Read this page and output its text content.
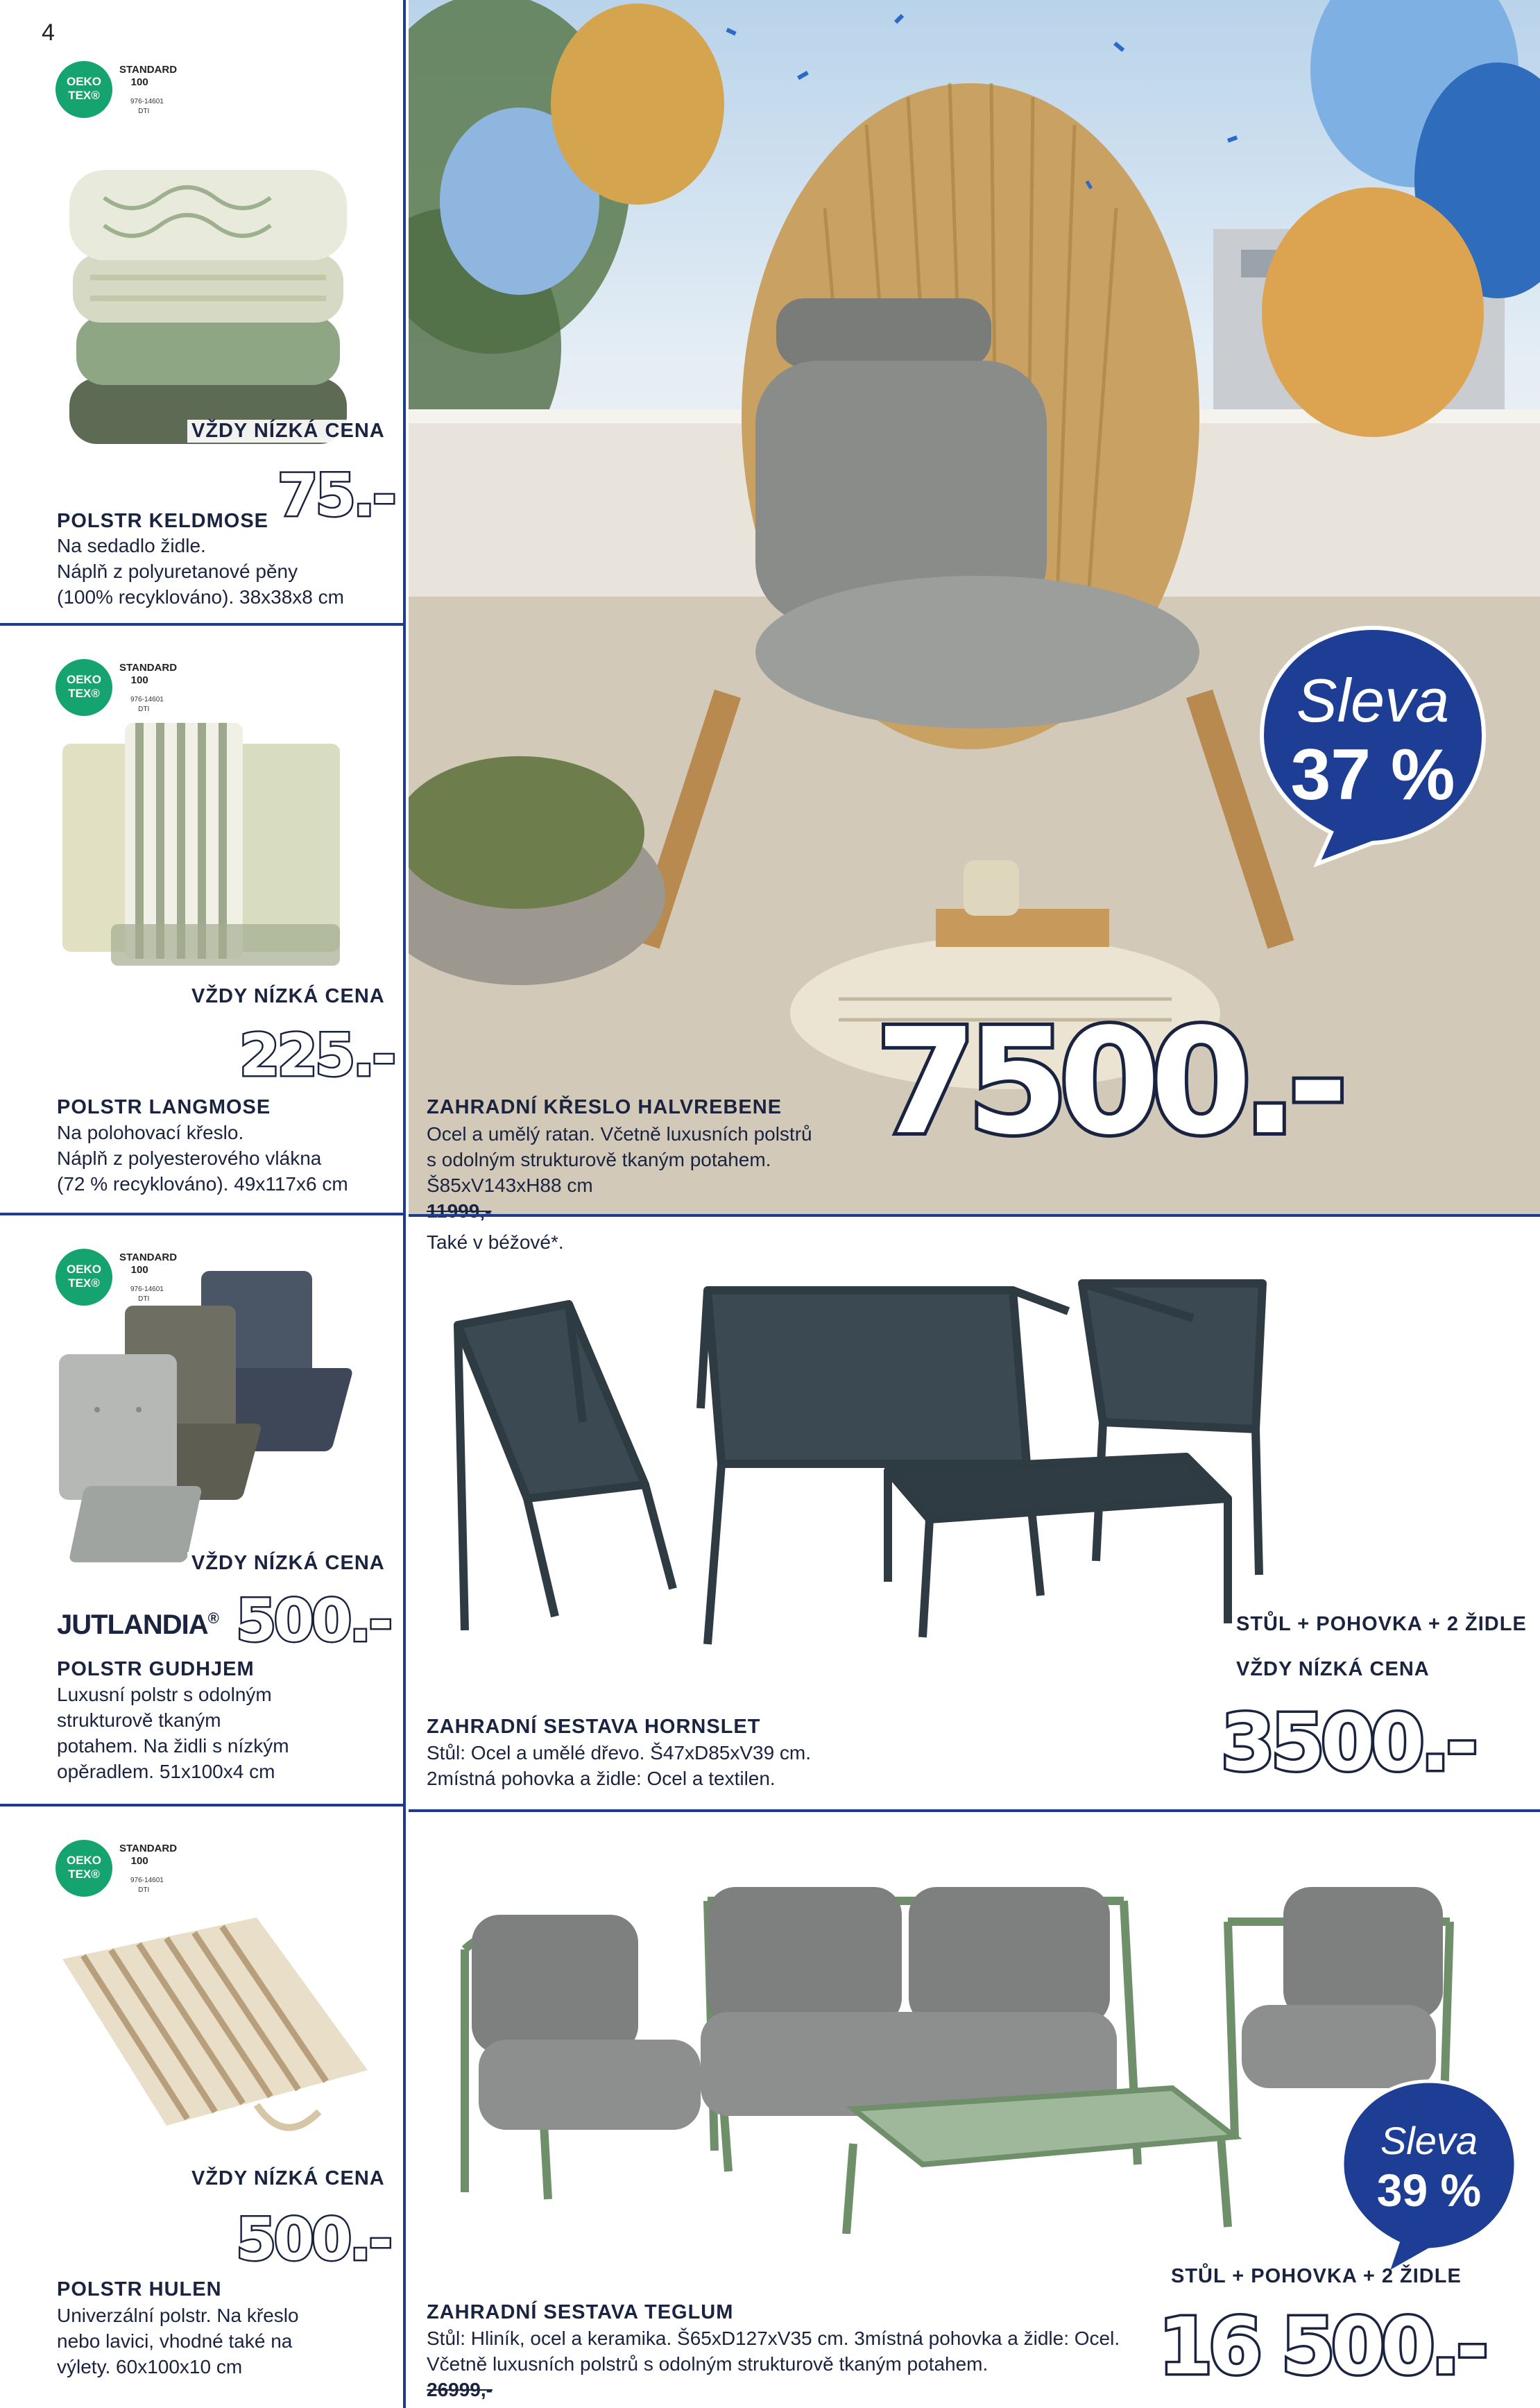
4
OEKO
TEX®
STANDARD
100
976-14601
DTI
VŽDY NÍZKÁ CENA
75.-
POLSTR KELDMOSE
Na sedadlo židle.
Náplň z polyuretanové pěny
(100% recyklováno). 38x38x8 cm
OEKO
TEX®
STANDARD
100
976-14601
DTI
VŽDY NÍZKÁ CENA
225.-
POLSTR LANGMOSE
Na polohovací křeslo.
Náplň z polyesterového vlákna
(72 % recyklováno). 49x117x6 cm
OEKO
TEX®
STANDARD
100
976-14601
DTI
VŽDY NÍZKÁ CENA
JUTLANDIA® 500.-
POLSTR GUDHJEM
Luxusní polstr s odolným
strukturově tkaným
potahem. Na židli s nízkým
opěradlem. 51x100x4 cm
OEKO
TEX®
STANDARD
100
976-14601
DTI
VŽDY NÍZKÁ CENA
500.-
POLSTR HULEN
Univerzální polstr. Na křeslo
nebo lavici, vhodné také na
výlety. 60x100x10 cm
Sleva
37 %
7500.-
ZAHRADNÍ KŘESLO HALVREBENE
Ocel a umělý ratan. Včetně luxusních polstrů
s odolným strukturově tkaným potahem.
Š85xV143xH88 cm
11999,-
Také v béžové*.
STŮL + POHOVKA + 2 ŽIDLE
VŽDY NÍZKÁ CENA
3500.-
ZAHRADNÍ SESTAVA HORNSLET
Stůl: Ocel a umělé dřevo. Š47xD85xV39 cm.
2místná pohovka a židle: Ocel a textilen.
Sleva
39 %
STŮL + POHOVKA + 2 ŽIDLE
16 500.-
ZAHRADNÍ SESTAVA TEGLUM
Stůl: Hliník, ocel a keramika. Š65xD127xV35 cm. 3místná pohovka a židle: Ocel.
Včetně luxusních polstrů s odolným strukturově tkaným potahem.
26999,-
